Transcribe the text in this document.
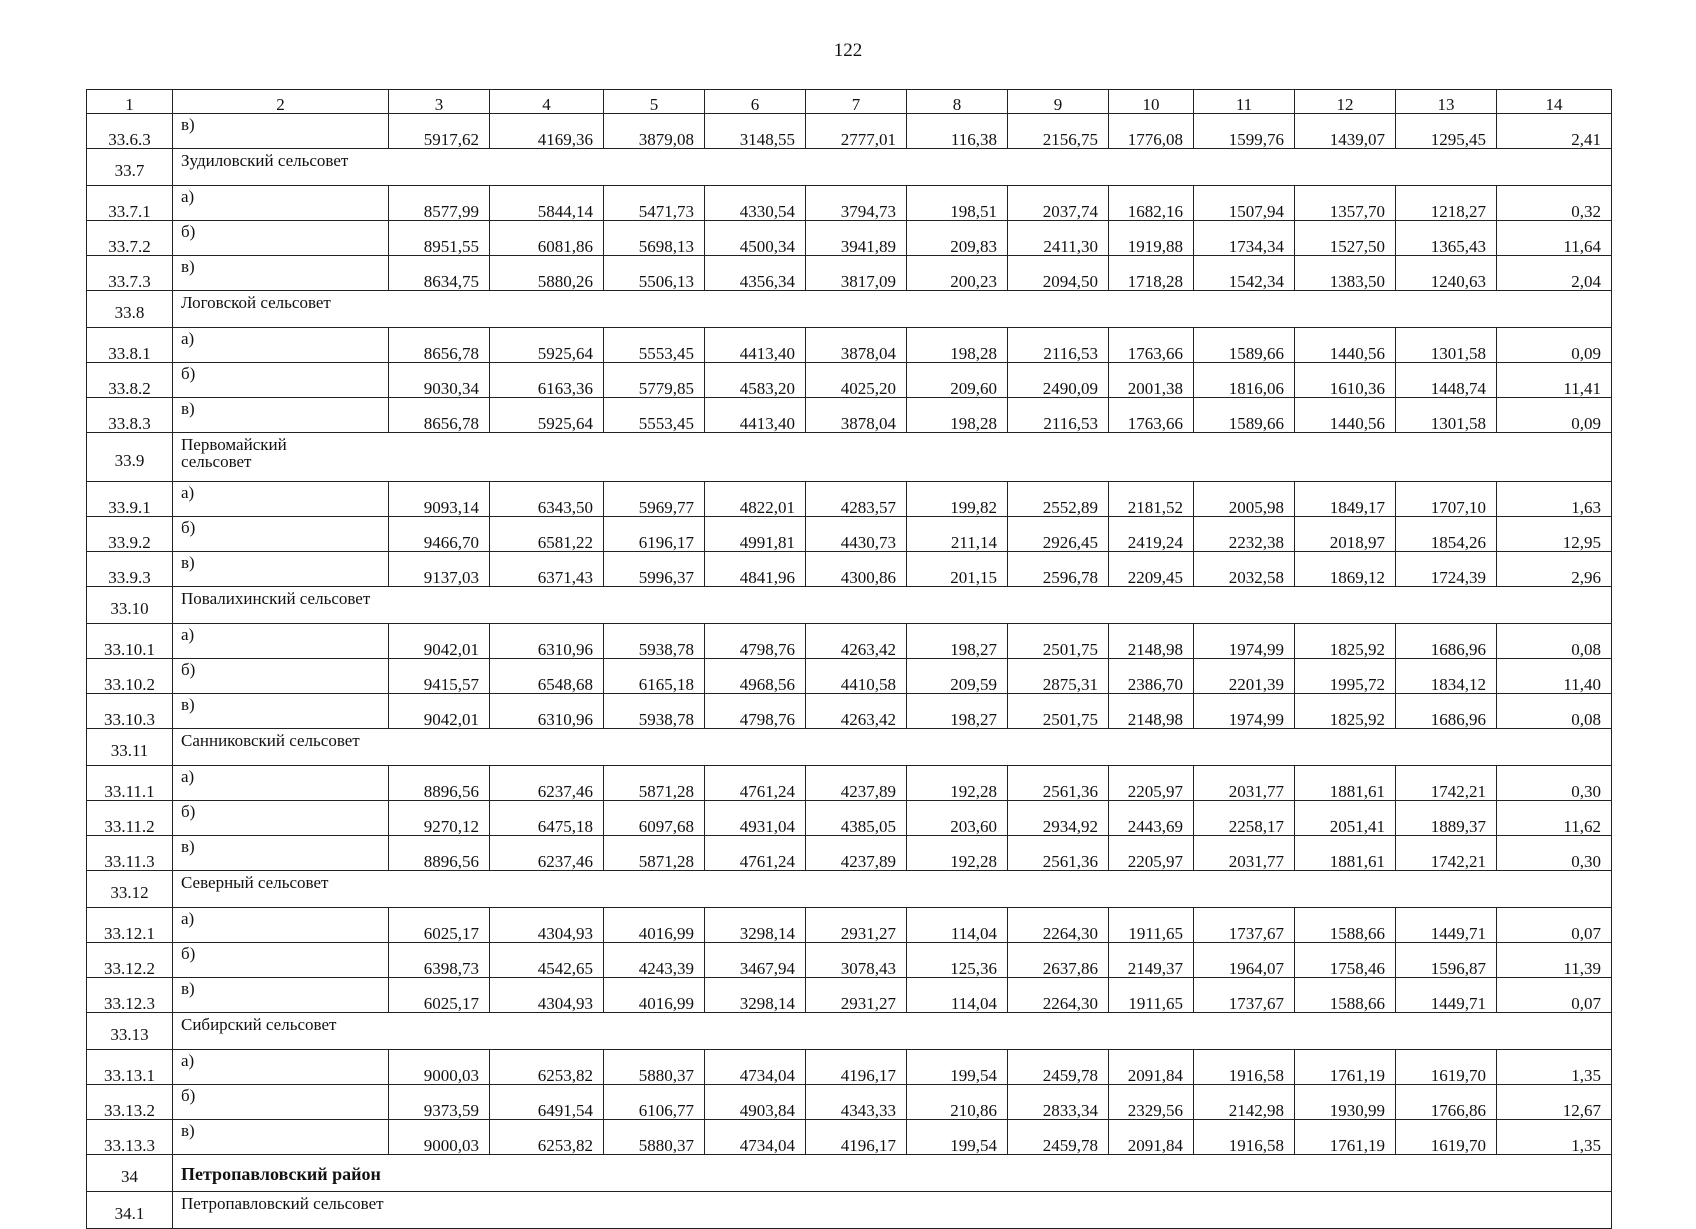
122
1	2	3	4	5	6	7	8	9	10	11	12	13	14
33.6.3	в)	5917,62	4169,36	3879,08	3148,55	2777,01	116,38	2156,75	1776,08	1599,76	1439,07	1295,45	2,41
33.7	Зудиловский сельсовет												
33.7.1	а)	8577,99	5844,14	5471,73	4330,54	3794,73	198,51	2037,74	1682,16	1507,94	1357,70	1218,27	0,32
33.7.2	б)	8951,55	6081,86	5698,13	4500,34	3941,89	209,83	2411,30	1919,88	1734,34	1527,50	1365,43	11,64
33.7.3	в)	8634,75	5880,26	5506,13	4356,34	3817,09	200,23	2094,50	1718,28	1542,34	1383,50	1240,63	2,04
33.8	Логовской сельсовет												
33.8.1	а)	8656,78	5925,64	5553,45	4413,40	3878,04	198,28	2116,53	1763,66	1589,66	1440,56	1301,58	0,09
33.8.2	б)	9030,34	6163,36	5779,85	4583,20	4025,20	209,60	2490,09	2001,38	1816,06	1610,36	1448,74	11,41
33.8.3	в)	8656,78	5925,64	5553,45	4413,40	3878,04	198,28	2116,53	1763,66	1589,66	1440,56	1301,58	0,09
33.9	Первомайский сельсовет												
33.9.1	а)	9093,14	6343,50	5969,77	4822,01	4283,57	199,82	2552,89	2181,52	2005,98	1849,17	1707,10	1,63
33.9.2	б)	9466,70	6581,22	6196,17	4991,81	4430,73	211,14	2926,45	2419,24	2232,38	2018,97	1854,26	12,95
33.9.3	в)	9137,03	6371,43	5996,37	4841,96	4300,86	201,15	2596,78	2209,45	2032,58	1869,12	1724,39	2,96
33.10	Повалихинский сельсовет												
33.10.1	а)	9042,01	6310,96	5938,78	4798,76	4263,42	198,27	2501,75	2148,98	1974,99	1825,92	1686,96	0,08
33.10.2	б)	9415,57	6548,68	6165,18	4968,56	4410,58	209,59	2875,31	2386,70	2201,39	1995,72	1834,12	11,40
33.10.3	в)	9042,01	6310,96	5938,78	4798,76	4263,42	198,27	2501,75	2148,98	1974,99	1825,92	1686,96	0,08
33.11	Санниковский сельсовет												
33.11.1	а)	8896,56	6237,46	5871,28	4761,24	4237,89	192,28	2561,36	2205,97	2031,77	1881,61	1742,21	0,30
33.11.2	б)	9270,12	6475,18	6097,68	4931,04	4385,05	203,60	2934,92	2443,69	2258,17	2051,41	1889,37	11,62
33.11.3	в)	8896,56	6237,46	5871,28	4761,24	4237,89	192,28	2561,36	2205,97	2031,77	1881,61	1742,21	0,30
33.12	Северный сельсовет												
33.12.1	а)	6025,17	4304,93	4016,99	3298,14	2931,27	114,04	2264,30	1911,65	1737,67	1588,66	1449,71	0,07
33.12.2	б)	6398,73	4542,65	4243,39	3467,94	3078,43	125,36	2637,86	2149,37	1964,07	1758,46	1596,87	11,39
33.12.3	в)	6025,17	4304,93	4016,99	3298,14	2931,27	114,04	2264,30	1911,65	1737,67	1588,66	1449,71	0,07
33.13	Сибирский сельсовет												
33.13.1	а)	9000,03	6253,82	5880,37	4734,04	4196,17	199,54	2459,78	2091,84	1916,58	1761,19	1619,70	1,35
33.13.2	б)	9373,59	6491,54	6106,77	4903,84	4343,33	210,86	2833,34	2329,56	2142,98	1930,99	1766,86	12,67
33.13.3	в)	9000,03	6253,82	5880,37	4734,04	4196,17	199,54	2459,78	2091,84	1916,58	1761,19	1619,70	1,35
34	Петропавловский район												
34.1	Петропавловский сельсовет												
